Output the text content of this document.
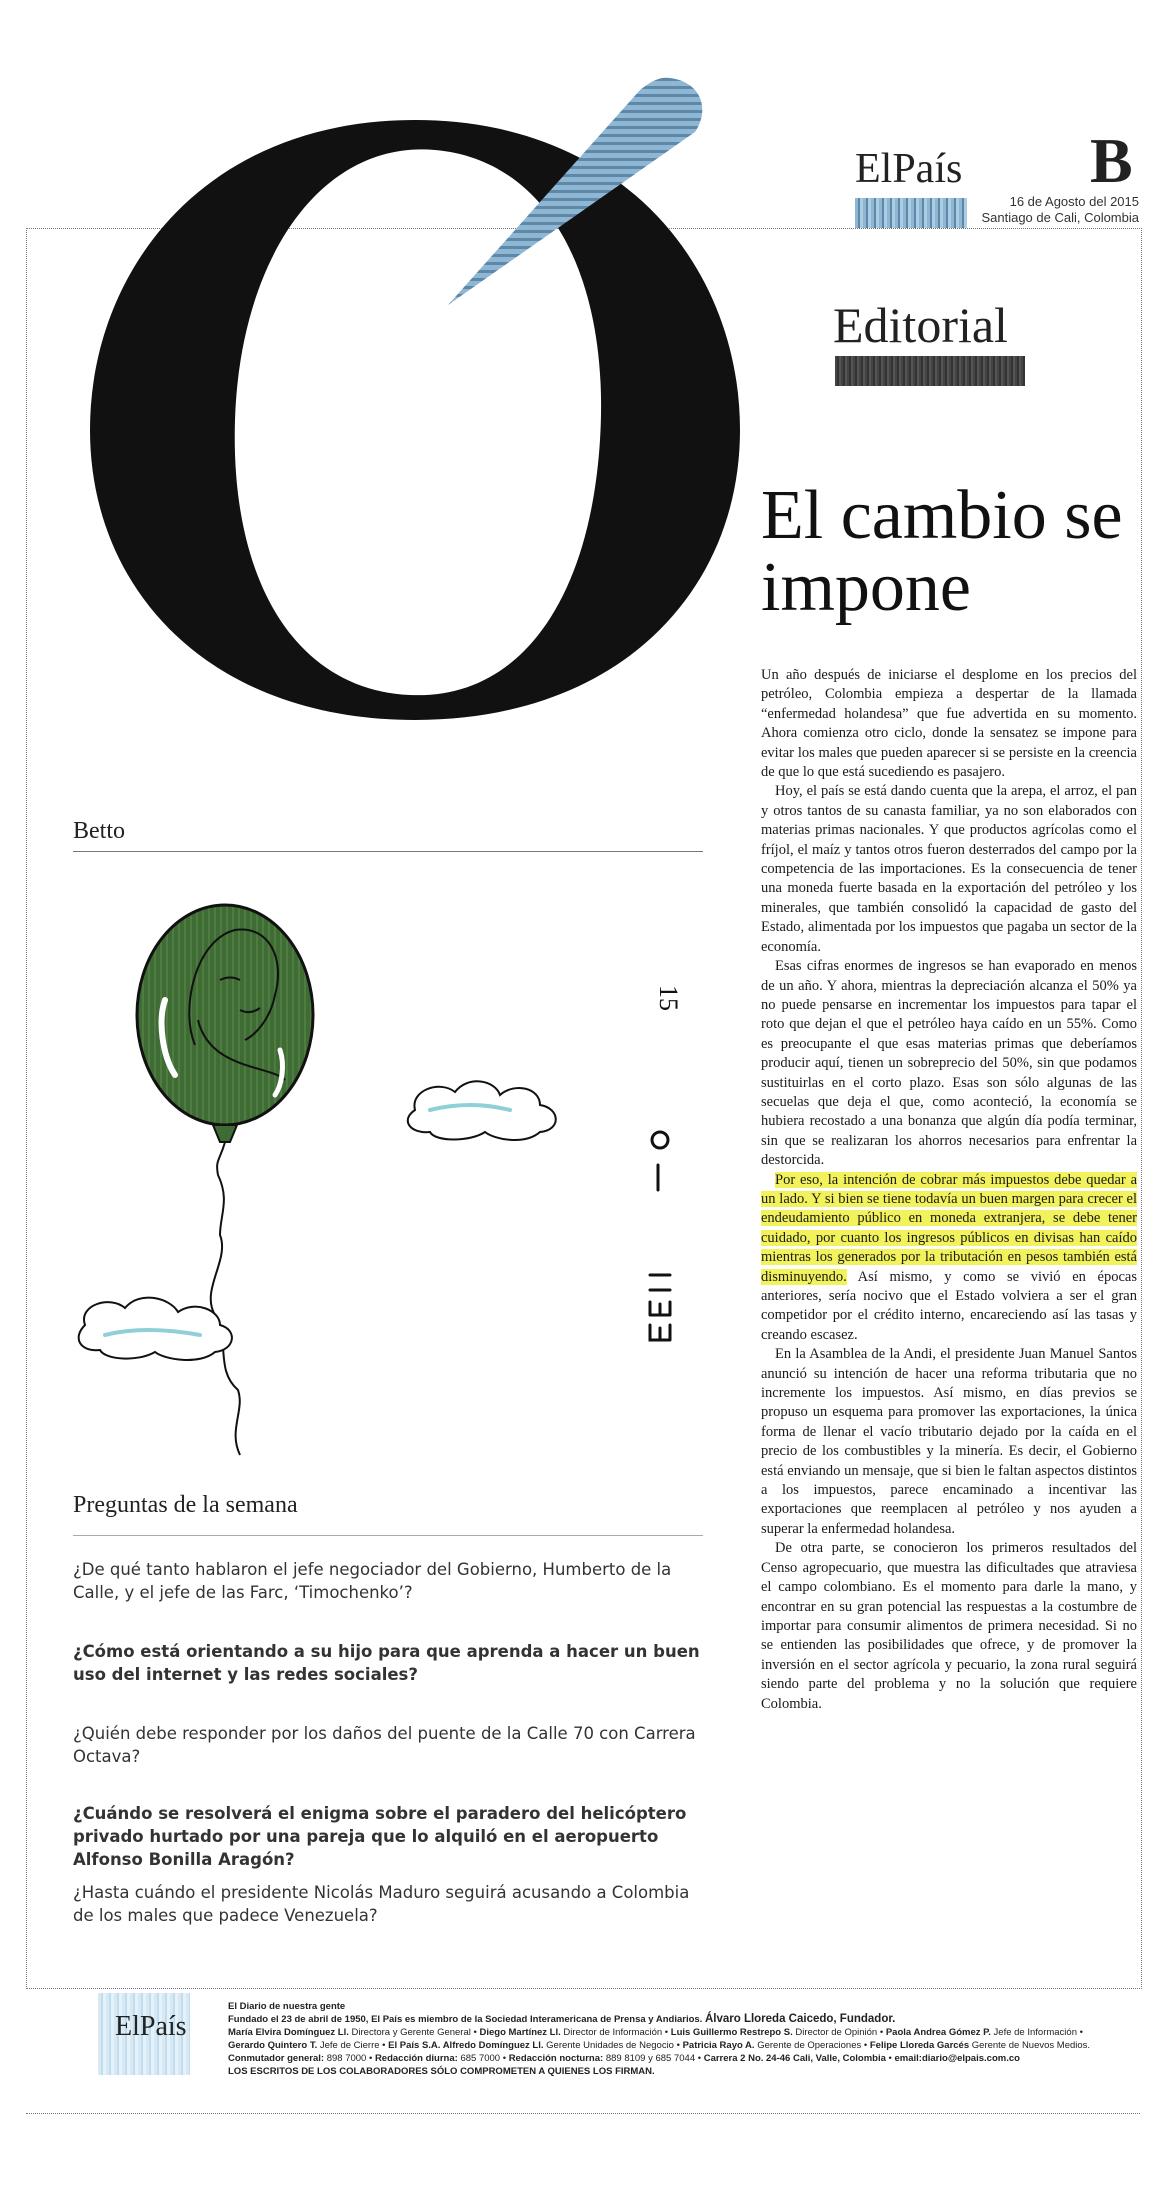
ElPaís B
16 de Agosto del 2015
Santiago de Cali, Colombia
Editorial
El cambio se impone

Un año después de iniciarse el desplome en los precios del petróleo, Colombia empieza a despertar de la llamada “enfermedad holandesa” que fue advertida en su momento. Ahora comienza otro ciclo, donde la sensatez se impone para evitar los males que pueden aparecer si se persiste en la creencia de que lo que está sucediendo es pasajero.

Hoy, el país se está dando cuenta que la arepa, el arroz, el pan y otros tantos de su canasta familiar, ya no son elaborados con materias primas nacionales. Y que productos agrícolas como el fríjol, el maíz y tantos otros fueron desterrados del campo por la competencia de las importaciones. Es la consecuencia de tener una moneda fuerte basada en la exportación del petróleo y los minerales, que también consolidó la capacidad de gasto del Estado, alimentada por los impuestos que pagaba un sector de la economía.

Esas cifras enormes de ingresos se han evaporado en menos de un año. Y ahora, mientras la depreciación alcanza el 50% ya no puede pensarse en incrementar los impuestos para tapar el roto que dejan el que el petróleo haya caído en un 55%. Como es preocupante el que esas materias primas que deberíamos producir aquí, tienen un sobreprecio del 50%, sin que podamos sustituirlas en el corto plazo. Esas son sólo algunas de las secuelas que deja el que, como aconteció, la economía se hubiera recostado a una bonanza que algún día podía terminar, sin que se realizaran los ahorros necesarios para enfrentar la destorcida.

Por eso, la intención de cobrar más impuestos debe quedar a un lado. Y si bien se tiene todavía un buen margen para crecer el endeudamiento público en moneda extranjera, se debe tener cuidado, por cuanto los ingresos públicos en divisas han caído mientras los generados por la tributación en pesos también está disminuyendo. Así mismo, y como se vivió en épocas anteriores, sería nocivo que el Estado volviera a ser el gran competidor por el crédito interno, encareciendo así las tasas y creando escasez.

En la Asamblea de la Andi, el presidente Juan Manuel Santos anunció su intención de hacer una reforma tributaria que no incremente los impuestos. Así mismo, en días previos se propuso un esquema para promover las exportaciones, la única forma de llenar el vacío tributario dejado por la caída en el precio de los combustibles y la minería. Es decir, el Gobierno está enviando un mensaje, que si bien le faltan aspectos distintos a los impuestos, parece encaminado a incentivar las exportaciones que reemplacen al petróleo y nos ayuden a superar la enfermedad holandesa.

De otra parte, se conocieron los primeros resultados del Censo agropecuario, que muestra las dificultades que atraviesa el campo colombiano. Es el momento para darle la mano, y encontrar en su gran potencial las respuestas a la costumbre de importar para consumir alimentos de primera necesidad. Si no se entienden las posibilidades que ofrece, y de promover la inversión en el sector agrícola y pecuario, la zona rural seguirá siendo parte del problema y no la solución que requiere Colombia.

Betto
15
Preguntas de la semana
¿De qué tanto hablaron el jefe negociador del Gobierno, Humberto de la Calle, y el jefe de las Farc, ‘Timochenko’?
¿Cómo está orientando a su hijo para que aprenda a hacer un buen uso del internet y las redes sociales?
¿Quién debe responder por los daños del puente de la Calle 70 con Carrera Octava?
¿Cuándo se resolverá el enigma sobre el paradero del helicóptero privado hurtado por una pareja que lo alquiló en el aeropuerto Alfonso Bonilla Aragón?
¿Hasta cuándo el presidente Nicolás Maduro seguirá acusando a Colombia de los males que padece Venezuela?
ElPaís
El Diario de nuestra gente
Fundado el 23 de abril de 1950, El País es miembro de la Sociedad Interamericana de Prensa y Andiarios. Álvaro Lloreda Caicedo, Fundador.
María Elvira Domínguez Ll. Directora y Gerente General • Diego Martínez Ll. Director de Información • Luis Guillermo Restrepo S. Director de Opinión • Paola Andrea Gómez P. Jefe de Información •
Gerardo Quintero T. Jefe de Cierre • El País S.A. Alfredo Domínguez Ll. Gerente Unidades de Negocio • Patricia Rayo A. Gerente de Operaciones • Felipe Lloreda Garcés Gerente de Nuevos Medios.
Conmutador general: 898 7000 • Redacción diurna: 685 7000 • Redacción nocturna: 889 8109 y 685 7044 • Carrera 2 No. 24-46 Cali, Valle, Colombia • email:diario@elpais.com.co
LOS ESCRITOS DE LOS COLABORADORES SÓLO COMPROMETEN A QUIENES LOS FIRMAN.
